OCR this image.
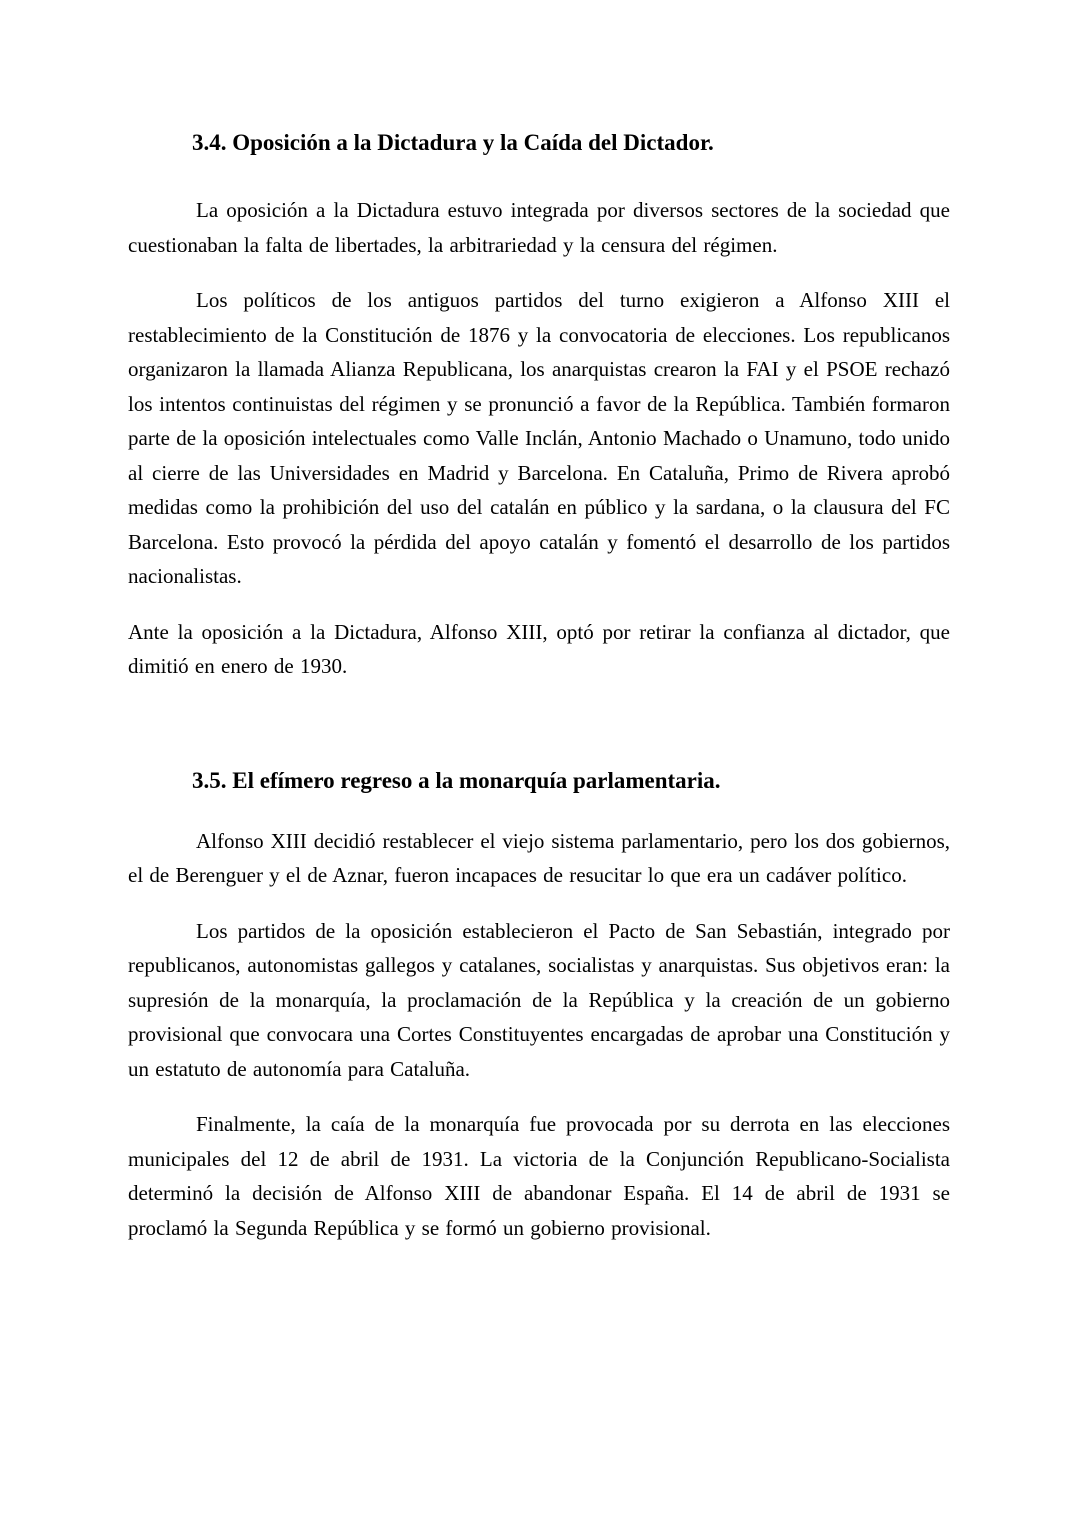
3.4. Oposición a la Dictadura y la Caída del Dictador.

La oposición a la Dictadura estuvo integrada por diversos sectores de la sociedad que cuestionaban la falta de libertades, la arbitrariedad y la censura del régimen.

Los políticos de los antiguos partidos del turno exigieron a Alfonso XIII el restablecimiento de la Constitución de 1876 y la convocatoria de elecciones. Los republicanos organizaron la llamada Alianza Republicana, los anarquistas crearon la FAI y el PSOE rechazó los intentos continuistas del régimen y se pronunció a favor de la República. También formaron parte de la oposición intelectuales como Valle Inclán, Antonio Machado o Unamuno, todo unido al cierre de las Universidades en Madrid y Barcelona. En Cataluña, Primo de Rivera aprobó medidas como la prohibición del uso del catalán en público y la sardana, o la clausura del FC Barcelona. Esto provocó la pérdida del apoyo catalán y fomentó el desarrollo de los partidos nacionalistas.

Ante la oposición a la Dictadura, Alfonso XIII, optó por retirar la confianza al dictador, que dimitió en enero de 1930.

3.5. El efímero regreso a la monarquía parlamentaria.

Alfonso XIII decidió restablecer el viejo sistema parlamentario, pero los dos gobiernos, el de Berenguer y el de Aznar, fueron incapaces de resucitar lo que era un cadáver político.

Los partidos de la oposición establecieron el Pacto de San Sebastián, integrado por republicanos, autonomistas gallegos y catalanes, socialistas y anarquistas. Sus objetivos eran: la supresión de la monarquía, la proclamación de la República y la creación de un gobierno provisional que convocara una Cortes Constituyentes encargadas de aprobar una Constitución y un estatuto de autonomía para Cataluña.

Finalmente, la caía de la monarquía fue provocada por su derrota en las elecciones municipales del 12 de abril de 1931. La victoria de la Conjunción Republicano-Socialista determinó la decisión de Alfonso XIII de abandonar España. El 14 de abril de 1931 se proclamó la Segunda República y se formó un gobierno provisional.
